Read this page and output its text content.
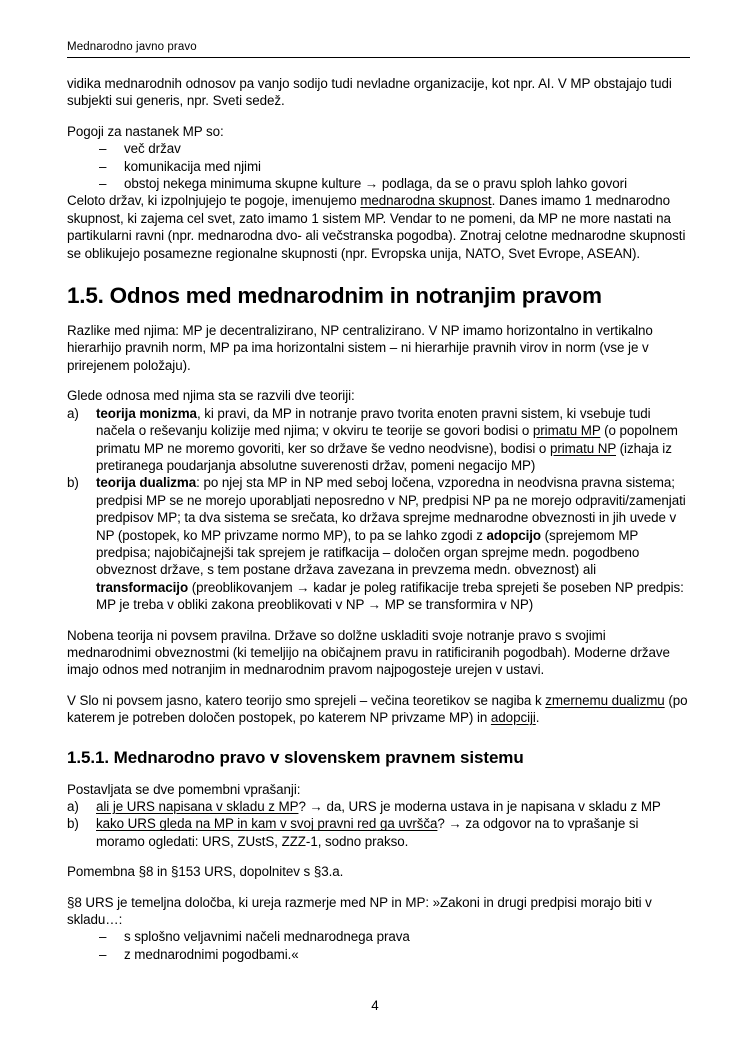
Mednarodno javno pravo

vidika mednarodnih odnosov pa vanjo sodijo tudi nevladne organizacije, kot npr. AI. V MP obstajajo tudi subjekti sui generis, npr. Sveti sedež.

Pogoji za nastanek MP so:

– več držav
– komunikacija med njimi
– obstoj nekega minimuma skupne kulture → podlaga, da se o pravu sploh lahko govori

Celoto držav, ki izpolnjujejo te pogoje, imenujemo mednarodna skupnost. Danes imamo 1 mednarodno skupnost, ki zajema cel svet, zato imamo 1 sistem MP. Vendar to ne pomeni, da MP ne more nastati na partikularni ravni (npr. mednarodna dvo- ali večstranska pogodba). Znotraj celotne mednarodne skupnosti se oblikujejo posamezne regionalne skupnosti (npr. Evropska unija, NATO, Svet Evrope, ASEAN).

1.5. Odnos med mednarodnim in notranjim pravom

Razlike med njima: MP je decentralizirano, NP centralizirano. V NP imamo horizontalno in vertikalno hierarhijo pravnih norm, MP pa ima horizontalni sistem – ni hierarhije pravnih virov in norm (vse je v prirejenem položaju).

Glede odnosa med njima sta se razvili dve teoriji:

a) teorija monizma, ki pravi, da MP in notranje pravo tvorita enoten pravni sistem, ki vsebuje tudi načela o reševanju kolizije med njima; v okviru te teorije se govori bodisi o primatu MP (o popolnem primatu MP ne moremo govoriti, ker so države še vedno neodvisne), bodisi o primatu NP (izhaja iz pretiranega poudarjanja absolutne suverenosti držav, pomeni negacijo MP)
b) teorija dualizma: po njej sta MP in NP med seboj ločena, vzporedna in neodvisna pravna sistema; predpisi MP se ne morejo uporabljati neposredno v NP, predpisi NP pa ne morejo odpraviti/zamenjati predpisov MP; ta dva sistema se srečata, ko država sprejme mednarodne obveznosti in jih uvede v NP (postopek, ko MP privzame normo MP), to pa se lahko zgodi z adopcijo (sprejemom MP predpisa; najobičajnejši tak sprejem je ratifkacija – določen organ sprejme medn. pogodbeno obveznost države, s tem postane država zavezana in prevzema medn. obveznost) ali transformacijo (preoblikovanjem → kadar je poleg ratifikacije treba sprejeti še poseben NP predpis: MP je treba v obliki zakona preoblikovati v NP → MP se transformira v NP)

Nobena teorija ni povsem pravilna. Države so dolžne uskladiti svoje notranje pravo s svojimi mednarodnimi obveznostmi (ki temeljijo na običajnem pravu in ratificiranih pogodbah). Moderne države imajo odnos med notranjim in mednarodnim pravom najpogosteje urejen v ustavi.

V Slo ni povsem jasno, katero teorijo smo sprejeli – večina teoretikov se nagiba k zmernemu dualizmu (po katerem je potreben določen postopek, po katerem NP privzame MP) in adopciji.

1.5.1. Mednarodno pravo v slovenskem pravnem sistemu

Postavljata se dve pomembni vprašanji:

a) ali je URS napisana v skladu z MP? → da, URS je moderna ustava in je napisana v skladu z MP
b) kako URS gleda na MP in kam v svoj pravni red ga uvršča? → za odgovor na to vprašanje si moramo ogledati: URS, ZUstS, ZZZ-1, sodno prakso.

Pomembna §8 in §153 URS, dopolnitev s §3.a.

§8 URS je temeljna določba, ki ureja razmerje med NP in MP: »Zakoni in drugi predpisi morajo biti v skladu…:

– s splošno veljavnimi načeli mednarodnega prava
– z mednarodnimi pogodbami.«
4
